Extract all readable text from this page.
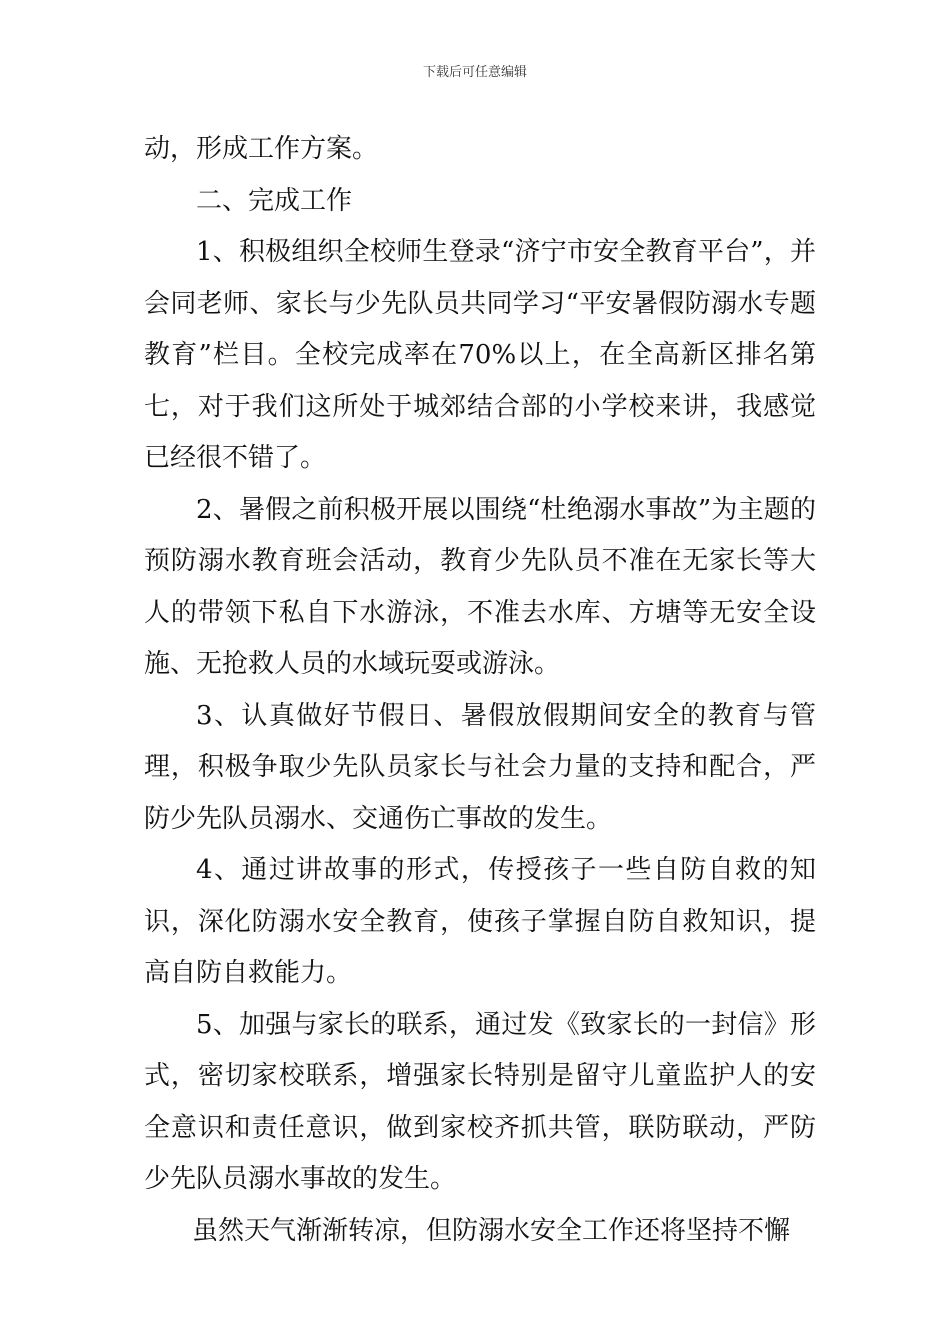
下载后可任意编辑

动，形成工作方案。

二、完成工作

1、积极组织全校师生登录“济宁市安全教育平台”，并会同老师、家长与少先队员共同学习“平安暑假防溺水专题教育”栏目。全校完成率在70%以上，在全高新区排名第七，对于我们这所处于城郊结合部的小学校来讲，我感觉已经很不错了。

2、暑假之前积极开展以围绕“杜绝溺水事故”为主题的预防溺水教育班会活动，教育少先队员不准在无家长等大人的带领下私自下水游泳，不准去水库、方塘等无安全设施、无抢救人员的水域玩耍或游泳。

3、认真做好节假日、暑假放假期间安全的教育与管理，积极争取少先队员家长与社会力量的支持和配合，严防少先队员溺水、交通伤亡事故的发生。

4、通过讲故事的形式，传授孩子一些自防自救的知识，深化防溺水安全教育，使孩子掌握自防自救知识，提高自防自救能力。

5、加强与家长的联系，通过发《致家长的一封信》形式，密切家校联系，增强家长特别是留守儿童监护人的安全意识和责任意识，做到家校齐抓共管，联防联动，严防少先队员溺水事故的发生。

虽然天气渐渐转凉，但防溺水安全工作还将坚持不懈
